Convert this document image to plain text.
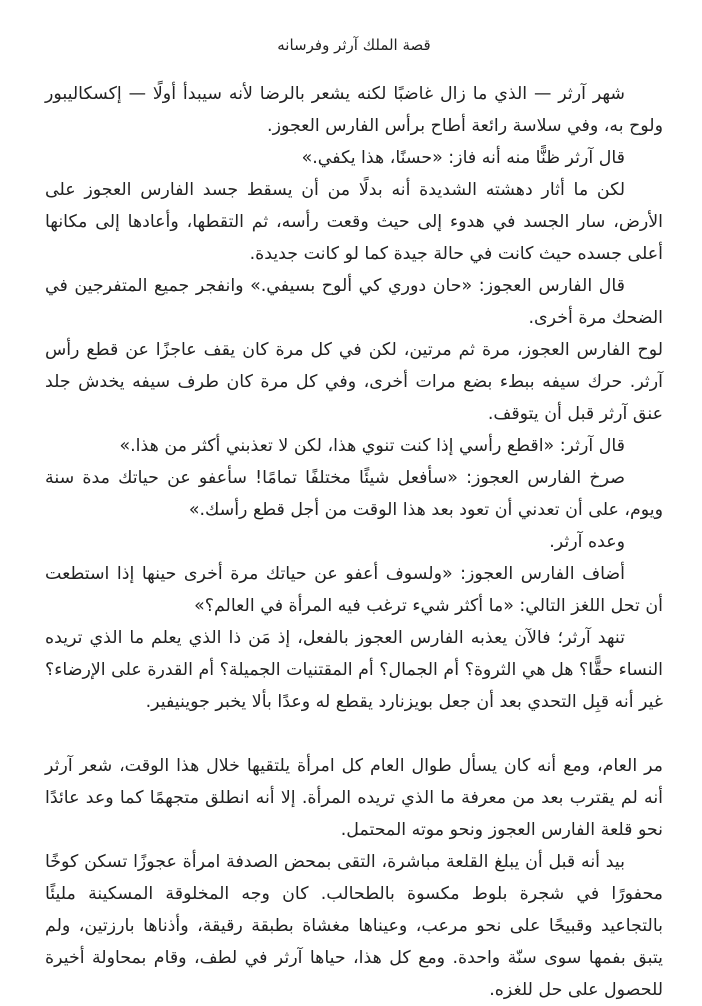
قصة الملك آرثر وفرسانه

شهر آرثر — الذي ما زال غاضبًا لكنه يشعر بالرضا لأنه سيبدأ أولًا — إكسكاليبور ولوح به، وفي سلاسة رائعة أطاح برأس الفارس العجوز.

قال آرثر ظنًّا منه أنه فاز: «حسنًا، هذا يكفي.»

لكن ما أثار دهشته الشديدة أنه بدلًا من أن يسقط جسد الفارس العجوز على الأرض، سار الجسد في هدوء إلى حيث وقعت رأسه، ثم التقطها، وأعادها إلى مكانها أعلى جسده حيث كانت في حالة جيدة كما لو كانت جديدة.

قال الفارس العجوز: «حان دوري كي ألوح بسيفي.» وانفجر جميع المتفرجين في الضحك مرة أخرى.

لوح الفارس العجوز، مرة ثم مرتين، لكن في كل مرة كان يقف عاجزًا عن قطع رأس آرثر. حرك سيفه ببطء بضع مرات أخرى، وفي كل مرة كان طرف سيفه يخدش جلد عنق آرثر قبل أن يتوقف.

قال آرثر: «اقطع رأسي إذا كنت تنوي هذا، لكن لا تعذبني أكثر من هذا.»

صرخ الفارس العجوز: «سأفعل شيئًا مختلفًا تمامًا! سأعفو عن حياتك مدة سنة ويوم، على أن تعدني أن تعود بعد هذا الوقت من أجل قطع رأسك.»

وعده آرثر.

أضاف الفارس العجوز: «ولسوف أعفو عن حياتك مرة أخرى حينها إذا استطعت أن تحل اللغز التالي: «ما أكثر شيء ترغب فيه المرأة في العالم؟»

تنهد آرثر؛ فالآن يعذبه الفارس العجوز بالفعل، إذ مَن ذا الذي يعلم ما الذي تريده النساء حقًّا؟ هل هي الثروة؟ أم الجمال؟ أم المقتنيات الجميلة؟ أم القدرة على الإرضاء؟ غير أنه قبِل التحدي بعد أن جعل بويزنارد يقطع له وعدًا بألا يخبر جوينيفير.

مر العام، ومع أنه كان يسأل طوال العام كل امرأة يلتقيها خلال هذا الوقت، شعر آرثر أنه لم يقترب بعد من معرفة ما الذي تريده المرأة. إلا أنه انطلق متجهمًا كما وعد عائدًا نحو قلعة الفارس العجوز ونحو موته المحتمل.

بيد أنه قبل أن يبلغ القلعة مباشرة، التقى بمحض الصدفة امرأة عجوزًا تسكن كوخًا محفورًا في شجرة بلوط مكسوة بالطحالب. كان وجه المخلوقة المسكينة مليئًا بالتجاعيد وقبيحًا على نحو مرعب، وعيناها مغشاة بطبقة رقيقة، وأذناها بارزتين، ولم يتبق بفمها سوى سنّة واحدة. ومع كل هذا، حياها آرثر في لطف، وقام بمحاولة أخيرة للحصول على حل للغزه.
